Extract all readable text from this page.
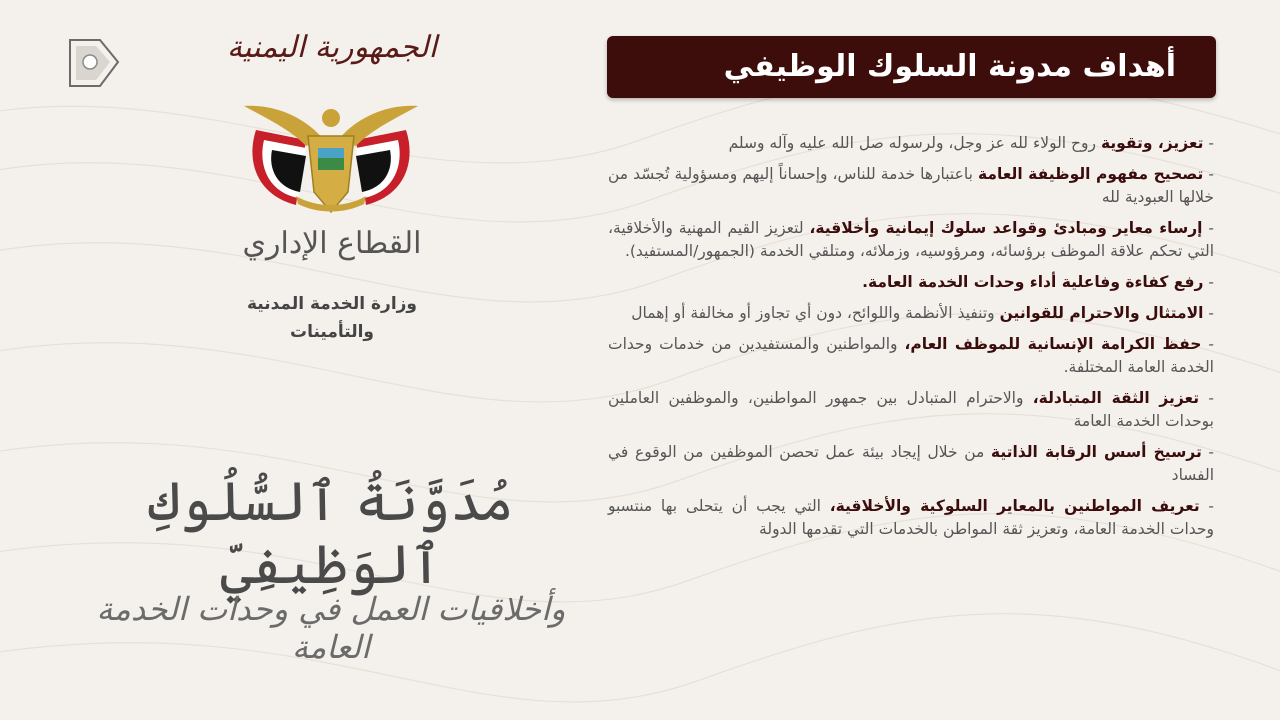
الجمهورية اليمنية
القطاع الإداري
وزارة الخدمة المدنية
والتأمينات
مُدَوَّنَةُ ٱلسُّلُوكِ ٱلوَظِيفِيّ
وأخلاقيات العمل في وحدات الخدمة العامة
أهداف مدونة السلوك الوظيفي
- تعزيز، وتقوية روح الولاء لله عز وجل، ولرسوله صل الله عليه وآله وسلم
- تصحيح مفهوم الوظيفة العامة باعتبارها خدمة للناس، وإحساناً إليهم ومسؤولية تُجسّد من خلالها العبودية لله
- إرساء معاير ومبادئ وقواعد سلوك إيمانية وأخلاقية، لتعزيز القيم المهنية والأخلاقية، التي تحكم علاقة الموظف برؤسائه، ومرؤوسيه، وزملائه، ومتلقي الخدمة (الجمهور/المستفيد).
- رفع كفاءة وفاعلية أداء وحدات الخدمة العامة.
- الامتثال والاحترام للقوانين وتنفيذ الأنظمة واللوائح، دون أي تجاوز أو مخالفة أو إهمال
- حفظ الكرامة الإنسانية للموظف العام، والمواطنين والمستفيدين من خدمات وحدات الخدمة العامة المختلفة.
- تعزيز الثقة المتبادلة، والاحترام المتبادل بين جمهور المواطنين، والموظفين العاملين بوحدات الخدمة العامة
- ترسيخ أسس الرقابة الذاتية من خلال إيجاد بيئة عمل تحصن الموظفين من الوقوع في الفساد
- تعريف المواطنين بالمعاير السلوكية والأخلاقية، التي يجب أن يتحلى بها منتسبو وحدات الخدمة العامة، وتعزيز ثقة المواطن بالخدمات التي تقدمها الدولة
